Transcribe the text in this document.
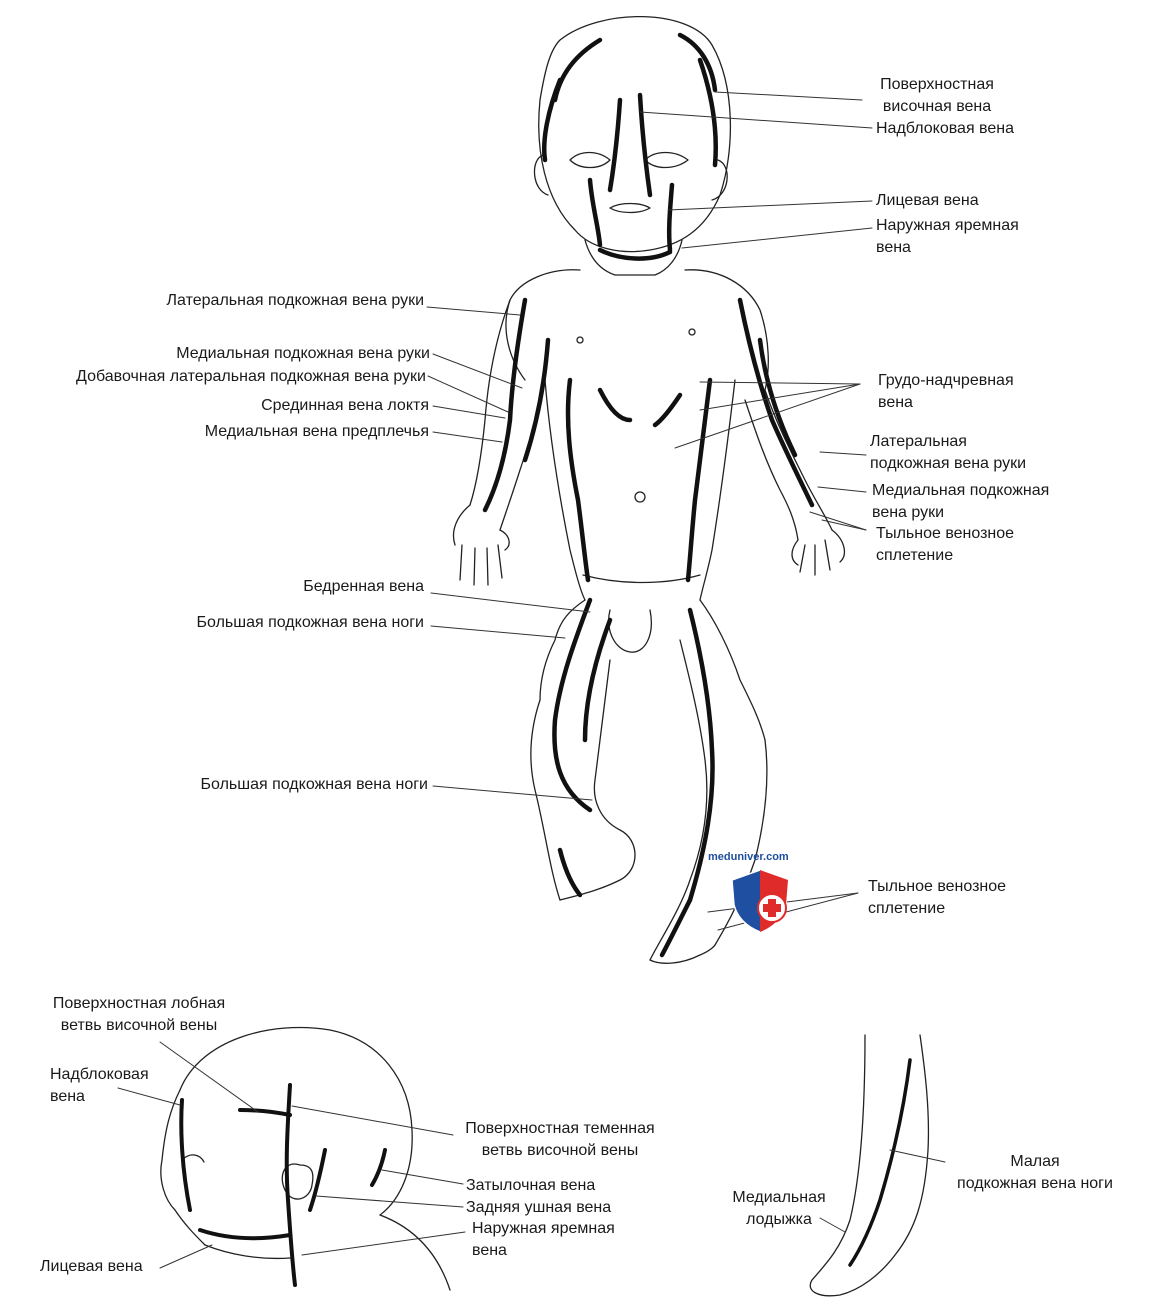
meduniver.com
Поверхностная
височная вена
Надблоковая вена
Лицевая вена
Наружная яремная
вена
Грудо-надчревная
вена
Латеральная
подкожная вена руки
Медиальная подкожная
вена руки
Тыльное венозное
сплетение
Тыльное венозное
сплетение
Латеральная подкожная вена руки
Медиальная подкожная вена руки
Добавочная латеральная подкожная вена руки
Срединная вена локтя
Медиальная вена предплечья
Бедренная вена
Большая подкожная вена ноги
Большая подкожная вена ноги
Поверхностная лобная
ветвь височной вены
Надблоковая
вена
Поверхностная теменная
ветвь височной вены
Затылочная вена
Задняя ушная вена
Наружная яремная
вена
Лицевая вена
Малая
подкожная вена ноги
Медиальная
лодыжка
